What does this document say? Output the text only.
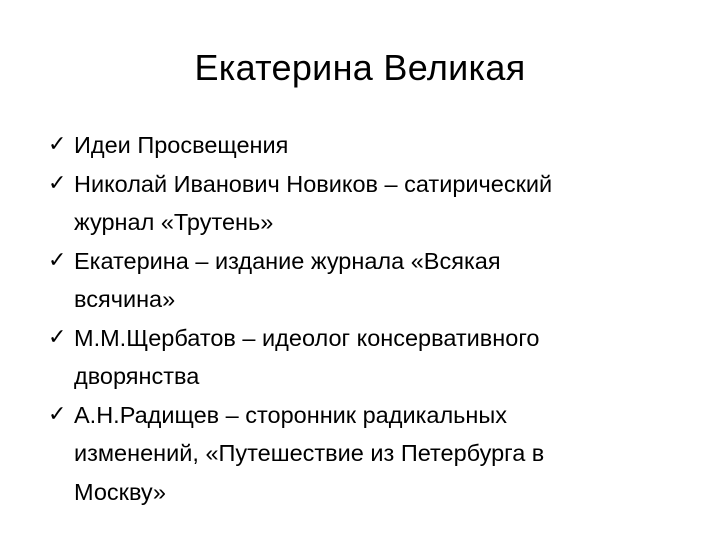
Екатерина Великая
✓ Идеи Просвещения
✓ Николай Иванович Новиков – сатирический
журнал «Трутень»
✓ Екатерина – издание журнала «Всякая
всячина»
✓ М.М.Щербатов – идеолог консервативного
дворянства
✓ А.Н.Радищев – сторонник радикальных
изменений, «Путешествие из Петербурга в
Москву»
